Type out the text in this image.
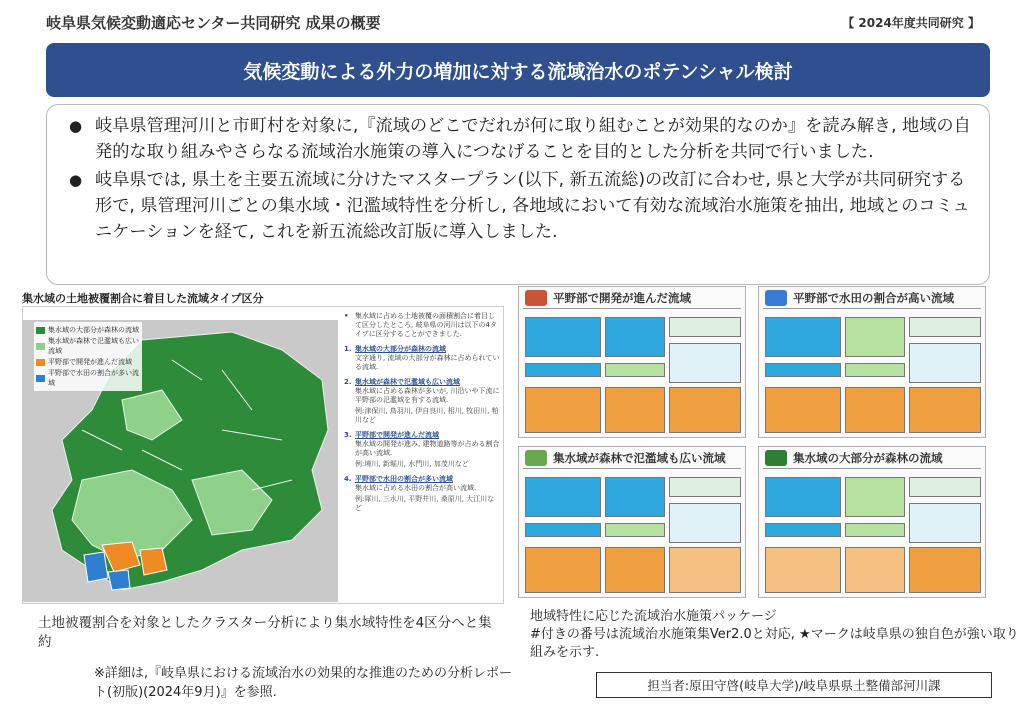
岐阜県気候変動適応センター共同研究 成果の概要	【 2024年度共同研究 】
気候変動による外力の増加に対する流域治水のポテンシャル検討
● 岐阜県管理河川と市町村を対象に,『流域のどこでだれが何に取り組むことが効果的なのか』を読み解き, 地域の自発的な取り組みやさらなる流域治水施策の導入につなげることを目的とした分析を共同で行いました.
● 岐阜県では, 県土を主要五流域に分けたマスタープラン(以下, 新五流総)の改訂に合わせ, 県と大学が共同研究する形で, 県管理河川ごとの集水域・氾濫域特性を分析し, 各地域において有効な流域治水施策を抽出, 地域とのコミュニケーションを経て, これを新五流総改訂版に導入しました.
集水域の土地被覆割合に着目した流域タイプ区分
集水域の大部分が森林の流域
集水域が森林で氾濫域も広い流域
平野部で開発が進んだ流域
平野部で水田の割合が多い流域
• 集水域に占める土地被覆の面積割合に着目して区分したところ, 岐阜県の河川は以下の4タイプに区分することができました.
1. 集水域の大部分が森林の流域
文字通り, 流域の大部分が森林に占められている流域.
2. 集水域が森林で氾濫域も広い流域
集水域に占める森林が多いが, 川沿いや下流に平野部の氾濫域を有する流域.
例:津保川, 鳥羽川, 伊自良川, 相川, 牧田川, 粕川など
3. 平野部で開発が進んだ流域
集水域の開発が進み, 建物道路等が占める割合が高い流域.
例:境川, 新堀川, 水門川, 加茂川など
4. 平野部で水田の割合が多い流域
集水域に占める水田の割合が高い流域.
例:犀川, 三水川, 平野井川, 桑原川, 大江川など
土地被覆割合を対象としたクラスター分析により集水域特性を4区分へと集約
※詳細は,『岐阜県における流域治水の効果的な推進のための分析レポート(初版)(2024年9月)』を参照.
平野部で開発が進んだ流域	平野部で水田の割合が高い流域
集水域が森林で氾濫域も広い流域	集水域の大部分が森林の流域
地域特性に応じた流域治水施策パッケージ
#付きの番号は流域治水施策集Ver2.0と対応, ★マークは岐阜県の独自色が強い取り組みを示す.
担当者:原田守啓(岐阜大学)/岐阜県県土整備部河川課
